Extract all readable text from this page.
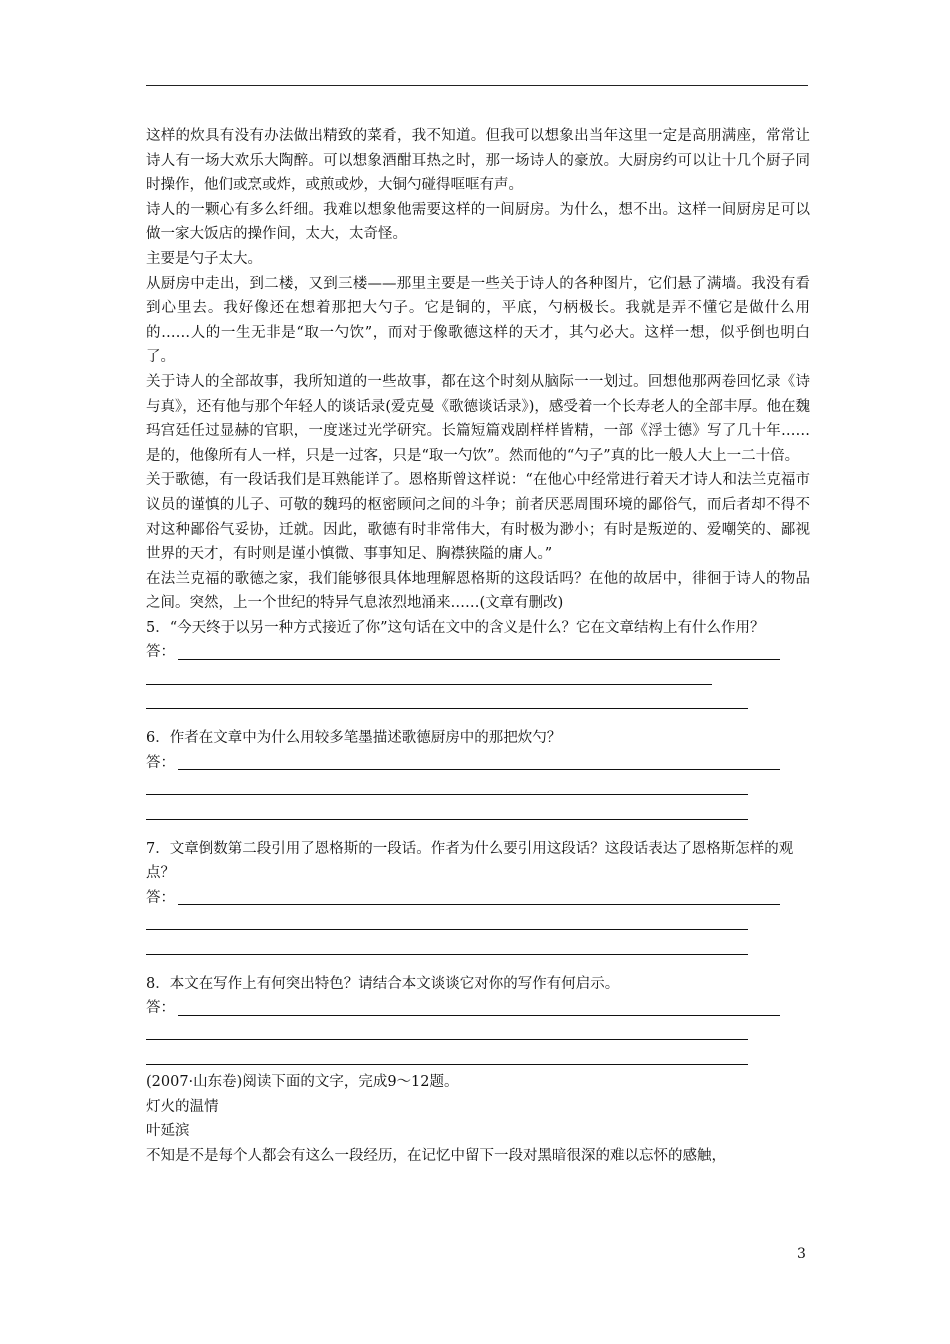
这样的炊具有没有办法做出精致的菜肴，我不知道。但我可以想象出当年这里一定是高朋满座，常常让诗人有一场大欢乐大陶醉。可以想象酒酣耳热之时，那一场诗人的豪放。大厨房约可以让十几个厨子同时操作，他们或烹或炸，或煎或炒，大铜勺碰得哐哐有声。

诗人的一颗心有多么纤细。我难以想象他需要这样的一间厨房。为什么，想不出。这样一间厨房足可以做一家大饭店的操作间，太大，太奇怪。

主要是勺子太大。

从厨房中走出，到二楼，又到三楼——那里主要是一些关于诗人的各种图片，它们悬了满墙。我没有看到心里去。我好像还在想着那把大勺子。它是铜的，平底，勺柄极长。我就是弄不懂它是做什么用的……人的一生无非是“取一勺饮”，而对于像歌德这样的天才，其勺必大。这样一想，似乎倒也明白了。

关于诗人的全部故事，我所知道的一些故事，都在这个时刻从脑际一一划过。回想他那两卷回忆录《诗与真》，还有他与那个年轻人的谈话录(爱克曼《歌德谈话录》)，感受着一个长寿老人的全部丰厚。他在魏玛宫廷任过显赫的官职，一度迷过光学研究。长篇短篇戏剧样样皆精，一部《浮士德》写了几十年……是的，他像所有人一样，只是一过客，只是“取一勺饮”。然而他的“勺子”真的比一般人大上一二十倍。

关于歌德，有一段话我们是耳熟能详了。恩格斯曾这样说：“在他心中经常进行着天才诗人和法兰克福市议员的谨慎的儿子、可敬的魏玛的枢密顾问之间的斗争；前者厌恶周围环境的鄙俗气，而后者却不得不对这种鄙俗气妥协，迁就。因此，歌德有时非常伟大，有时极为渺小；有时是叛逆的、爱嘲笑的、鄙视世界的天才，有时则是谨小慎微、事事知足、胸襟狭隘的庸人。”

在法兰克福的歌德之家，我们能够很具体地理解恩格斯的这段话吗？在他的故居中，徘徊于诗人的物品之间。突然，上一个世纪的特异气息浓烈地涌来……(文章有删改)

5．“今天终于以另一种方式接近了你”这句话在文中的含义是什么？它在文章结构上有什么作用？

答：

6．作者在文章中为什么用较多笔墨描述歌德厨房中的那把炊勺？

答：

7．文章倒数第二段引用了恩格斯的一段话。作者为什么要引用这段话？这段话表达了恩格斯怎样的观点？

答：

8．本文在写作上有何突出特色？请结合本文谈谈它对你的写作有何启示。

答：

(2007·山东卷)阅读下面的文字，完成9～12题。

灯火的温情

叶延滨

不知是不是每个人都会有这么一段经历，在记忆中留下一段对黑暗很深的难以忘怀的感触，

3
